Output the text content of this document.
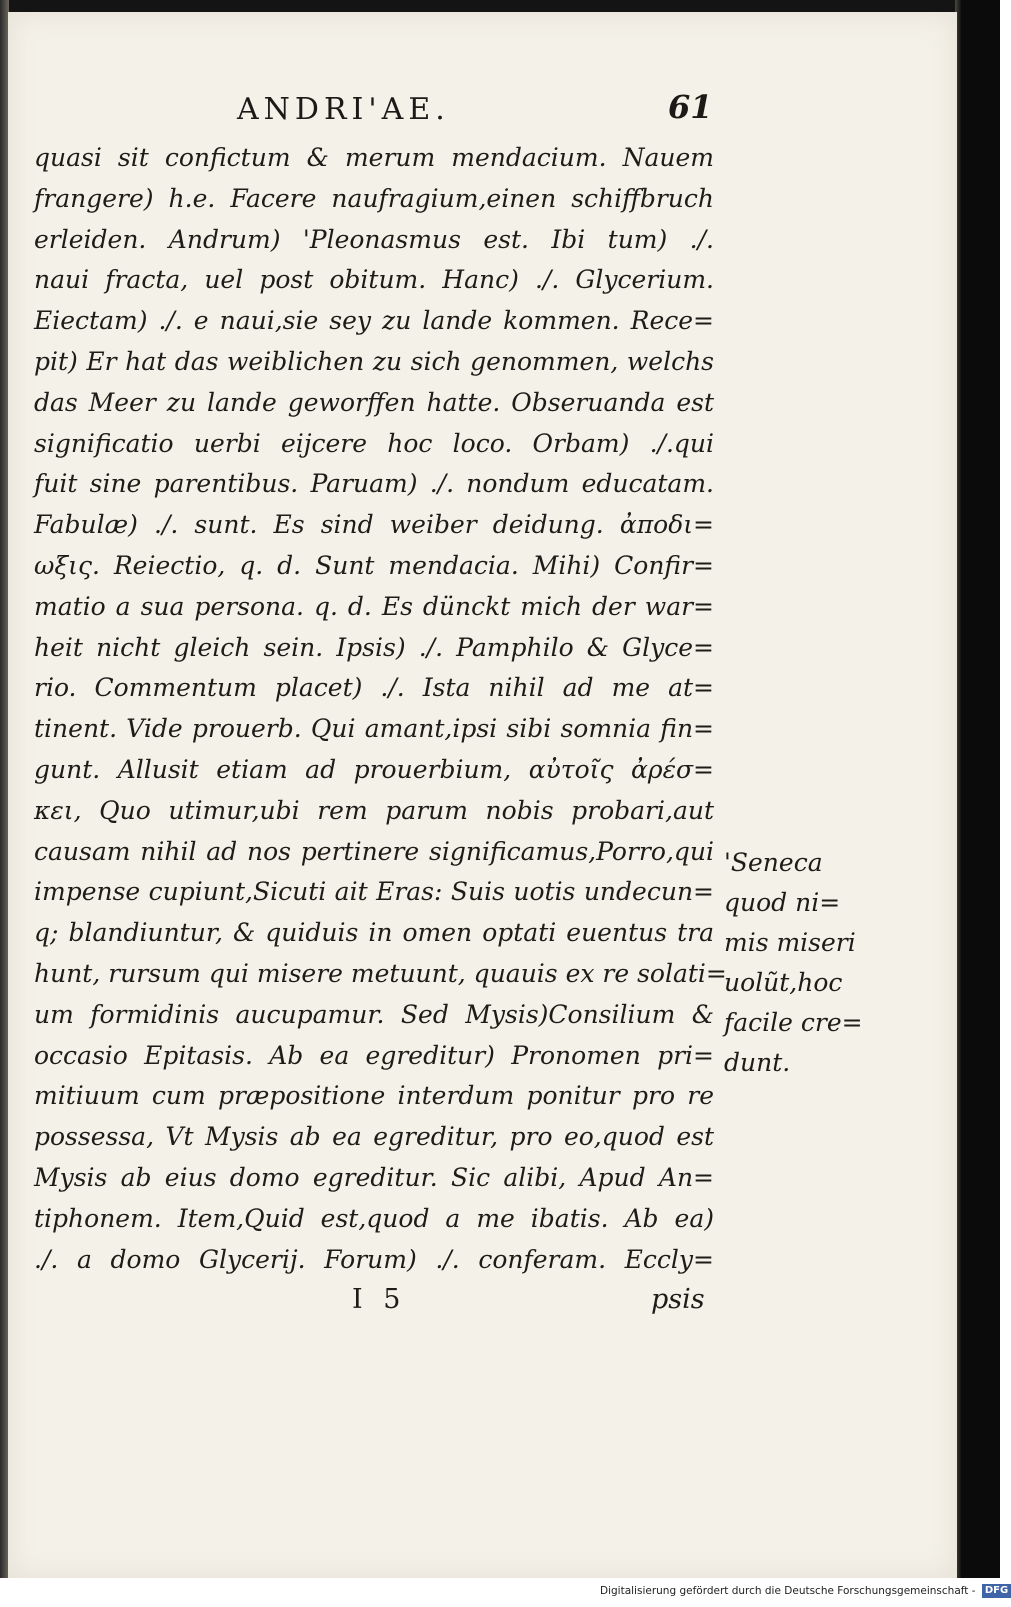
ANDRI'AE.	61
quasi sit confictum & merum mendacium. Nauem
frangere) h.e. Facere naufragium,einen schiffbruch
erleiden. Andrum) 'Pleonasmus est. Ibi tum) ./.
naui fracta, uel post obitum. Hanc) ./. Glycerium.
Eiectam) ./. e naui,sie sey zu lande kommen. Rece=
pit) Er hat das weiblichen zu sich genommen, welchs
das Meer zu lande geworffen hatte. Obseruanda est
significatio uerbi eijcere hoc loco. Orbam) ./.qui
fuit sine parentibus. Paruam) ./. nondum educatam.
Fabulæ) ./. sunt. Es sind weiber deidung. ἀποδι=
ωξις. Reiectio, q. d. Sunt mendacia. Mihi) Confir=
matio a sua persona. q. d. Es dünckt mich der war=
heit nicht gleich sein. Ipsis) ./. Pamphilo & Glyce=
rio. Commentum placet) ./. Ista nihil ad me at=
tinent. Vide prouerb. Qui amant,ipsi sibi somnia fin=
gunt. Allusit etiam ad prouerbium, αὐτοῖς ἀρέσ=
κει, Quo utimur,ubi rem parum nobis probari,aut
causam nihil ad nos pertinere significamus,Porro,qui
impense cupiunt,Sicuti ait Eras: Suis uotis undecun=
q; blandiuntur, & quiduis in omen optati euentus tra
hunt, rursum qui misere metuunt, quauis ex re solati=
um formidinis aucupamur. Sed Mysis)Consilium &
occasio Epitasis. Ab ea egreditur) Pronomen pri=
mitiuum cum præpositione interdum ponitur pro re
possessa, Vt Mysis ab ea egreditur, pro eo,quod est
Mysis ab eius domo egreditur. Sic alibi, Apud An=
tiphonem. Item,Quid est,quod a me ibatis. Ab ea)
./. a domo Glycerij. Forum) ./. conferam. Eccly=
'Seneca
quod ni=
mis miseri
uolũt,hoc
facile cre=
dunt.
I 5	psis
Digitalisierung gefördert durch die Deutsche Forschungsgemeinschaft - DFG
